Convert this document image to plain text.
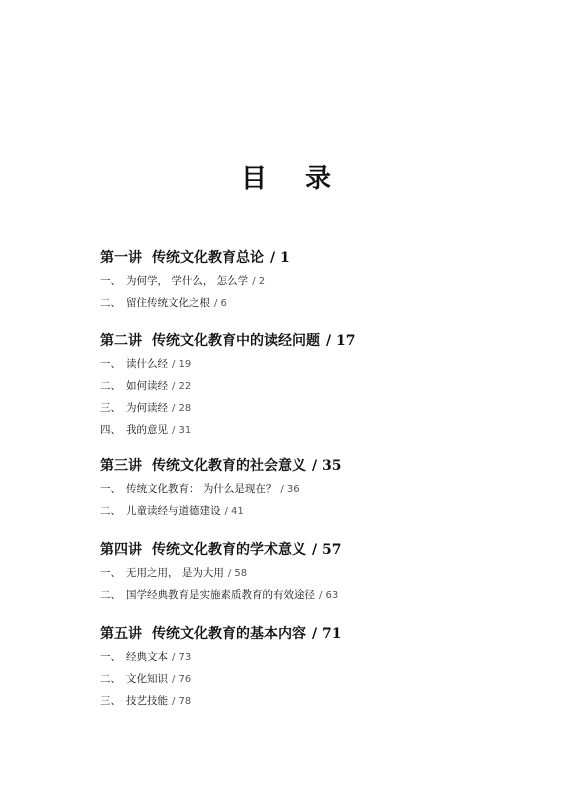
目 录
第一讲 传统文化教育总论 / 1
一、 为何学， 学什么， 怎么学 / 2
二、 留住传统文化之根 / 6
第二讲 传统文化教育中的读经问题 / 17
一、 读什么经 / 19
二、 如何读经 / 22
三、 为何读经 / 28
四、 我的意见 / 31
第三讲 传统文化教育的社会意义 / 35
一、 传统文化教育： 为什么是现在？ / 36
二、 儿童读经与道德建设 / 41
第四讲 传统文化教育的学术意义 / 57
一、 无用之用， 是为大用 / 58
二、 国学经典教育是实施素质教育的有效途径 / 63
第五讲 传统文化教育的基本内容 / 71
一、 经典文本 / 73
二、 文化知识 / 76
三、 技艺技能 / 78
